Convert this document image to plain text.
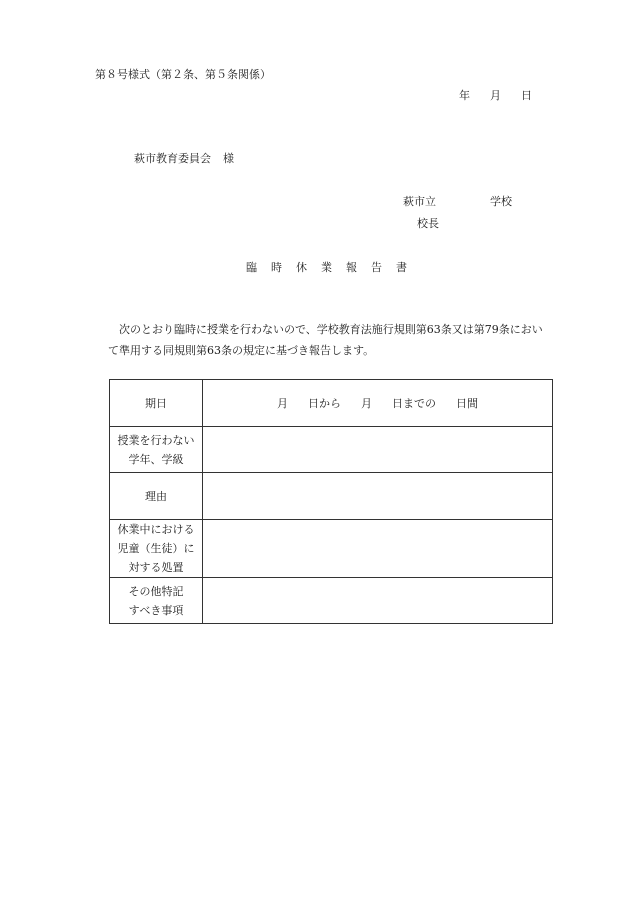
第８号様式（第２条、第５条関係）
年 月 日
萩市教育委員会 様
萩市立	学校
校長
臨 時 休 業 報 告 書
次のとおり臨時に授業を行わないので、学校教育法施行規則第63条又は第79条において準用する同規則第63条の規定に基づき報告します。
期日	月 日から 月 日までの 日間

授業を行わない
学年、学級	

理由	

休業中における
児童（生徒）に
対する処置	

その他特記
すべき事項	
